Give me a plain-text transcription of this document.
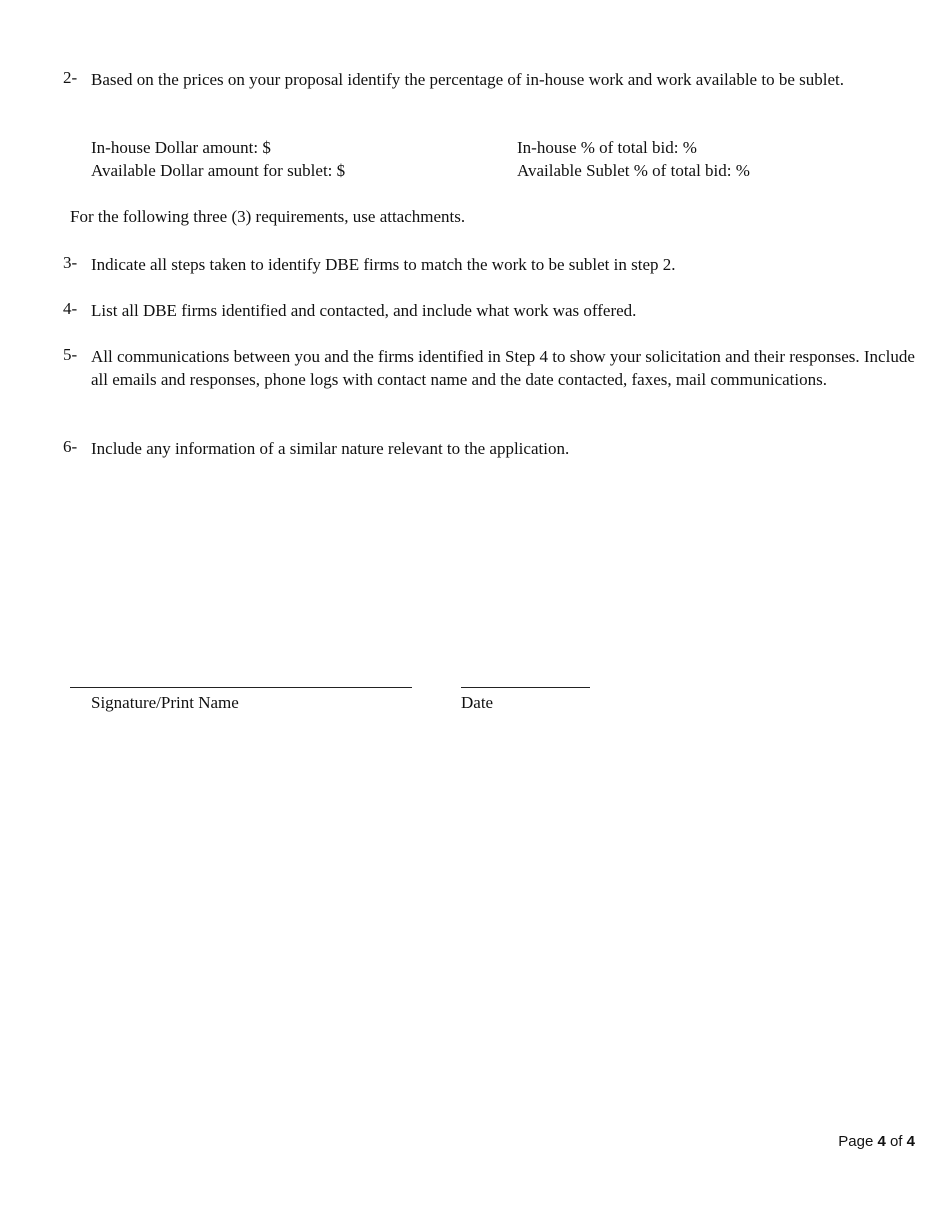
2- Based on the prices on your proposal identify the percentage of in-house work and work available to be sublet.
In-house Dollar amount: $	In-house % of total bid: %
Available Dollar amount for sublet: $	Available Sublet % of total bid: %
For the following three (3) requirements, use attachments.
3- Indicate all steps taken to identify DBE firms to match the work to be sublet in step 2.
4- List all DBE firms identified and contacted, and include what work was offered.
5- All communications between you and the firms identified in Step 4 to show your solicitation and their responses. Include all emails and responses, phone logs with contact name and the date contacted, faxes, mail communications.
6- Include any information of a similar nature relevant to the application.
Signature/Print Name	Date
Page 4 of 4
